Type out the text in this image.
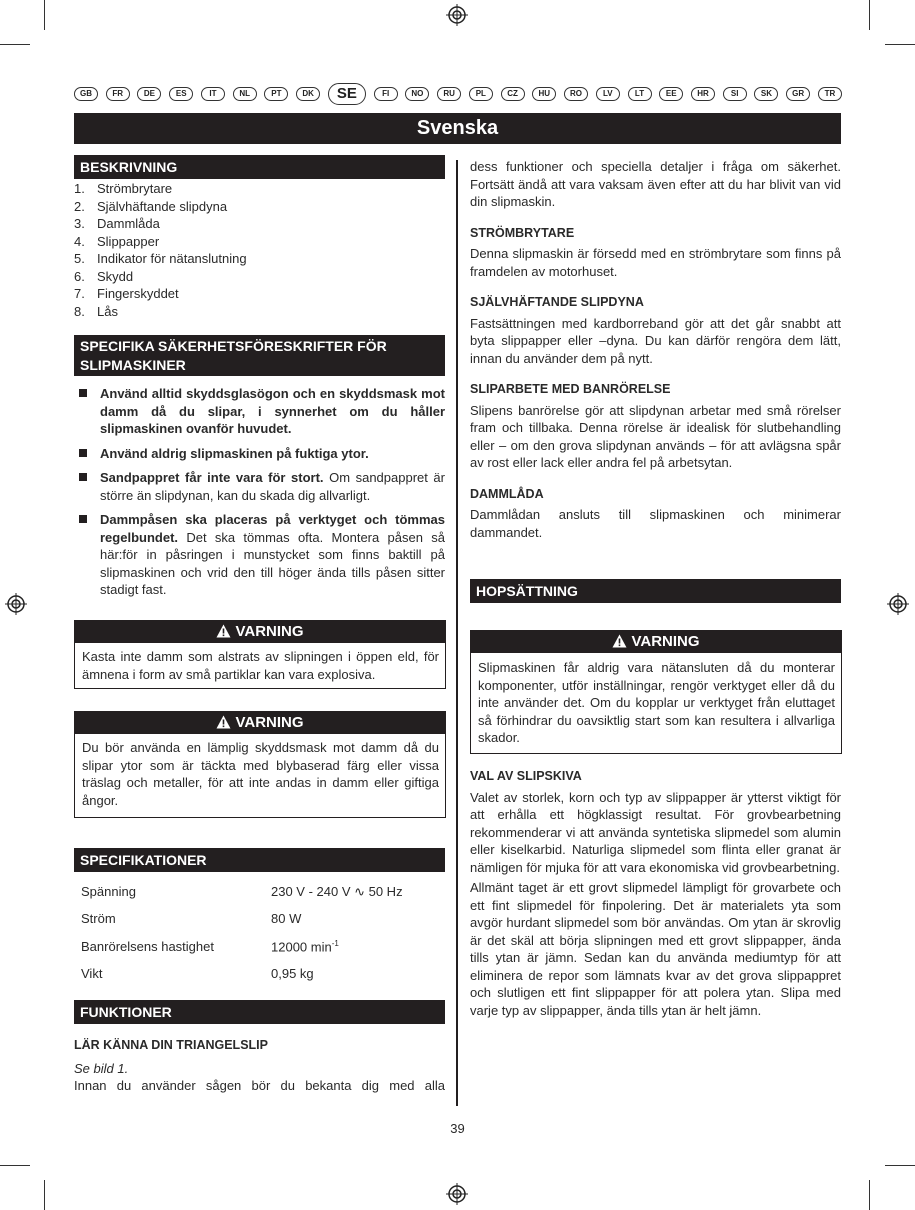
GB	FR	DE	ES	IT	NL	PT	DK	SE	FI	NO	RU	PL	CZ	HU	RO	LV	LT	EE	HR	SI	SK	GR	TR
Svenska
BESKRIVNING
1. Strömbrytare
2. Självhäftande slipdyna
3. Dammlåda
4. Slippapper
5. Indikator för nätanslutning
6. Skydd
7. Fingerskyddet
8. Lås
SPECIFIKA SÄKERHETSFÖRESKRIFTER FÖR
SLIPMASKINER
Använd alltid skyddsglasögon och en skyddsmask mot damm då du slipar, i synnerhet om du håller slipmaskinen ovanför huvudet.
Använd aldrig slipmaskinen på fuktiga ytor.
Sandpappret får inte vara för stort. Om sandpappret är större än slipdynan, kan du skada dig allvarligt.
Dammpåsen ska placeras på verktyget och tömmas regelbundet. Det ska tömmas ofta. Montera påsen så här:för in påsringen i munstycket som finns baktill på slipmaskinen och vrid den till höger ända tills påsen sitter stadigt fast.
VARNING
Kasta inte damm som alstrats av slipningen i öppen eld, för ämnena i form av små partiklar kan vara explosiva.
VARNING
Du bör använda en lämplig skyddsmask mot damm då du slipar ytor som är täckta med blybaserad färg eller vissa träslag och metaller, för att inte andas in damm eller giftiga ångor.
SPECIFIKATIONER
Spänning	230 V - 240 V ∿ 50 Hz
Ström	80 W
Banrörelsens hastighet	12000 $\min^{-1}$
Vikt	0,95 kg
FUNKTIONER

LÄR KÄNNA DIN TRIANGELSLIP

Se bild 1.

Innan du använder sågen bör du bekanta dig med alla

dess funktioner och speciella detaljer i fråga om säkerhet. Fortsätt ändå att vara vaksam även efter att du har blivit van vid din slipmaskin.

STRÖMBRYTARE

Denna slipmaskin är försedd med en strömbrytare som finns på framdelen av motorhuset.

SJÄLVHÄFTANDE SLIPDYNA

Fastsättningen med kardborreband gör att det går snabbt att byta slippapper eller –dyna. Du kan därför rengöra dem lätt, innan du använder dem på nytt.

SLIPARBETE MED BANRÖRELSE

Slipens banrörelse gör att slipdynan arbetar med små rörelser fram och tillbaka. Denna rörelse är idealisk för slutbehandling eller – om den grova slipdynan används – för att avlägsna spår av rost eller lack eller andra fel på arbetsytan.

DAMMLÅDA

Dammlådan ansluts till slipmaskinen och minimerar dammandet.

HOPSÄTTNING
VARNING
Slipmaskinen får aldrig vara nätansluten då du monterar komponenter, utför inställningar, rengör verktyget eller då du inte använder det. Om du kopplar ur verktyget från eluttaget så förhindrar du oavsiktlig start som kan resultera i allvarliga skador.

VAL AV SLIPSKIVA

Valet av storlek, korn och typ av slippapper är ytterst viktigt för att erhålla ett högklassigt resultat. För grovbearbetning rekommenderar vi att använda syntetiska slipmedel som alumin eller kiselkarbid. Naturliga slipmedel som flinta eller granat är nämligen för mjuka för att vara ekonomiska vid grovbearbetning.

Allmänt taget är ett grovt slipmedel lämpligt för grovarbete och ett fint slipmedel för finpolering. Det är materialets yta som avgör hurdant slipmedel som bör användas. Om ytan är skrovlig är det skäl att börja slipningen med ett grovt slippapper, ända tills ytan är jämn. Sedan kan du använda mediumtyp för att eliminera de repor som lämnats kvar av det grova slippappret och slutligen ett fint slippapper för att polera ytan. Slipa med varje typ av slippapper, ända tills ytan är helt jämn.

39
